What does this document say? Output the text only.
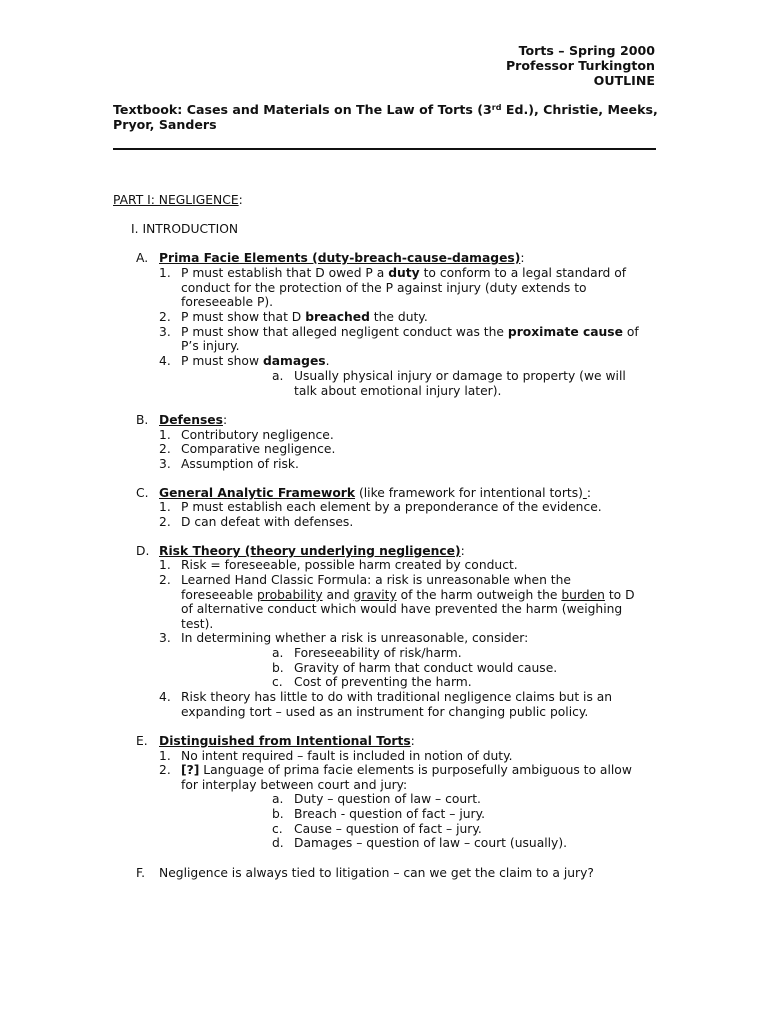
Torts – Spring 2000
Professor Turkington
OUTLINE
Textbook: Cases and Materials on The Law of Torts (3rd Ed.), Christie, Meeks,
Pryor, Sanders
PART I: NEGLIGENCE:
I. INTRODUCTION
A. Prima Facie Elements (duty-breach-cause-damages):
1. P must establish that D owed P a duty to conform to a legal standard of
conduct for the protection of the P against injury (duty extends to
foreseeable P).
2. P must show that D breached the duty.
3. P must show that alleged negligent conduct was the proximate cause of
P’s injury.
4. P must show damages.
a. Usually physical injury or damage to property (we will
talk about emotional injury later).
B. Defenses:
1. Contributory negligence.
2. Comparative negligence.
3. Assumption of risk.
C. General Analytic Framework (like framework for intentional torts) :
1. P must establish each element by a preponderance of the evidence.
2. D can defeat with defenses.
D. Risk Theory (theory underlying negligence):
1. Risk = foreseeable, possible harm created by conduct.
2. Learned Hand Classic Formula: a risk is unreasonable when the
foreseeable probability and gravity of the harm outweigh the burden to D
of alternative conduct which would have prevented the harm (weighing
test).
3. In determining whether a risk is unreasonable, consider:
a. Foreseeability of risk/harm.
b. Gravity of harm that conduct would cause.
c. Cost of preventing the harm.
4. Risk theory has little to do with traditional negligence claims but is an
expanding tort – used as an instrument for changing public policy.
E. Distinguished from Intentional Torts:
1. No intent required – fault is included in notion of duty.
2. [?] Language of prima facie elements is purposefully ambiguous to allow
for interplay between court and jury:
a. Duty – question of law – court.
b. Breach - question of fact – jury.
c. Cause – question of fact – jury.
d. Damages – question of law – court (usually).
F. Negligence is always tied to litigation – can we get the claim to a jury?
